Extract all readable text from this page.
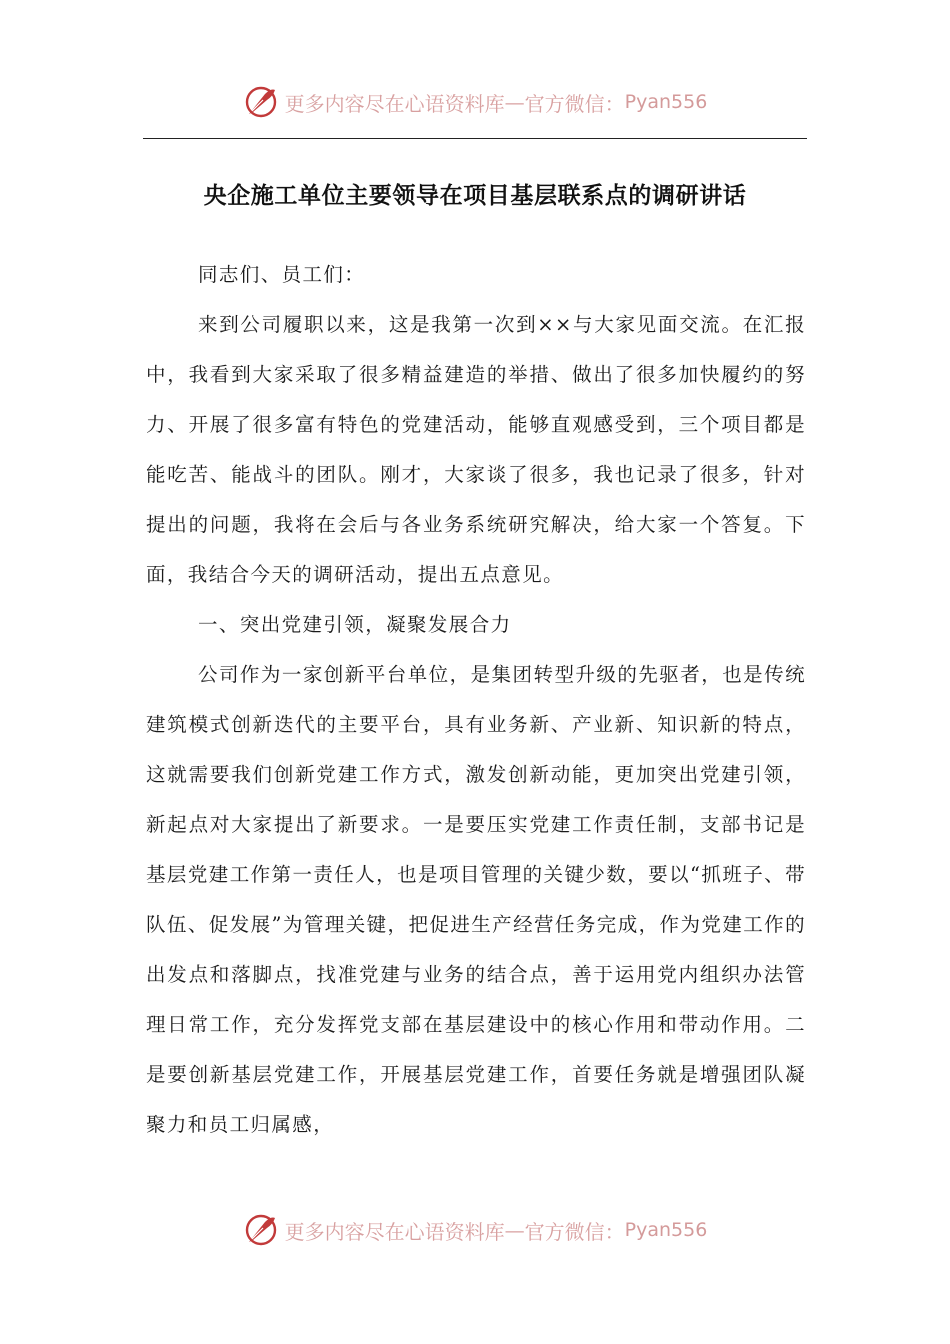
更多内容尽在心语资料库 — 官方微信： Pyan556
央企施工单位主要领导在项目基层联系点的调研讲话

同志们、员工们：

来到公司履职以来，这是我第一次到××与大家见面交流。在汇报中，我看到大家采取了很多精益建造的举措、做出了很多加快履约的努力、开展了很多富有特色的党建活动，能够直观感受到，三个项目都是能吃苦、能战斗的团队。刚才，大家谈了很多，我也记录了很多，针对提出的问题，我将在会后与各业务系统研究解决，给大家一个答复。下面，我结合今天的调研活动，提出五点意见。

一、突出党建引领，凝聚发展合力

公司作为一家创新平台单位，是集团转型升级的先驱者，也是传统建筑模式创新迭代的主要平台，具有业务新、产业新、知识新的特点，这就需要我们创新党建工作方式，激发创新动能，更加突出党建引领，新起点对大家提出了新要求。一是要压实党建工作责任制，支部书记是基层党建工作第一责任人，也是项目管理的关键少数，要以“抓班子、带队伍、促发展”为管理关键，把促进生产经营任务完成，作为党建工作的出发点和落脚点，找准党建与业务的结合点，善于运用党内组织办法管理日常工作，充分发挥党支部在基层建设中的核心作用和带动作用。二是要创新基层党建工作，开展基层党建工作，首要任务就是增强团队凝聚力和员工归属感，

更多内容尽在心语资料库 — 官方微信： Pyan556
